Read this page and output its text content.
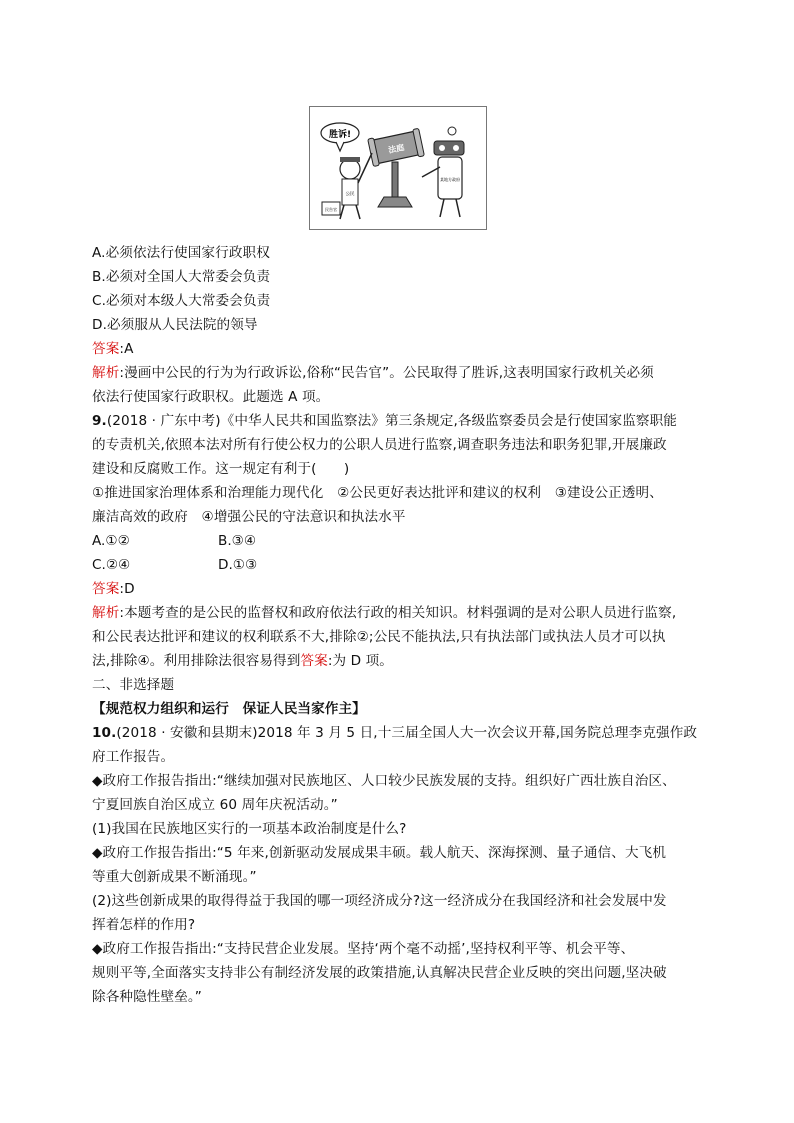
胜诉!
法庭
公民
民告官
某地方政府
A.必须依法行使国家行政职权
B.必须对全国人大常委会负责
C.必须对本级人大常委会负责
D.必须服从人民法院的领导
答案:A
解析:漫画中公民的行为为行政诉讼,俗称“民告官”。公民取得了胜诉,这表明国家行政机关必须
依法行使国家行政职权。此题选 A 项。
9.(2018 · 广东中考)《中华人民共和国监察法》第三条规定,各级监察委员会是行使国家监察职能
的专责机关,依照本法对所有行使公权力的公职人员进行监察,调查职务违法和职务犯罪,开展廉政
建设和反腐败工作。这一规定有利于(　　)
①推进国家治理体系和治理能力现代化　②公民更好表达批评和建议的权利　③建设公正透明、
廉洁高效的政府　④增强公民的守法意识和执法水平
A.①②	B.③④
C.②④	D.①③
答案:D
解析:本题考查的是公民的监督权和政府依法行政的相关知识。材料强调的是对公职人员进行监察,
和公民表达批评和建议的权利联系不大,排除②;公民不能执法,只有执法部门或执法人员才可以执
法,排除④。利用排除法很容易得到答案:为 D 项。
二、非选择题
【规范权力组织和运行　保证人民当家作主】
10.(2018 · 安徽和县期末)2018 年 3 月 5 日,十三届全国人大一次会议开幕,国务院总理李克强作政
府工作报告。
◆政府工作报告指出:“继续加强对民族地区、人口较少民族发展的支持。组织好广西壮族自治区、
宁夏回族自治区成立 60 周年庆祝活动。”
(1)我国在民族地区实行的一项基本政治制度是什么?
◆政府工作报告指出:“5 年来,创新驱动发展成果丰硕。载人航天、深海探测、量子通信、大飞机
等重大创新成果不断涌现。”
(2)这些创新成果的取得得益于我国的哪一项经济成分?这一经济成分在我国经济和社会发展中发
挥着怎样的作用?
◆政府工作报告指出:“支持民营企业发展。坚持‘两个毫不动摇’,坚持权利平等、机会平等、
规则平等,全面落实支持非公有制经济发展的政策措施,认真解决民营企业反映的突出问题,坚决破
除各种隐性壁垒。”
